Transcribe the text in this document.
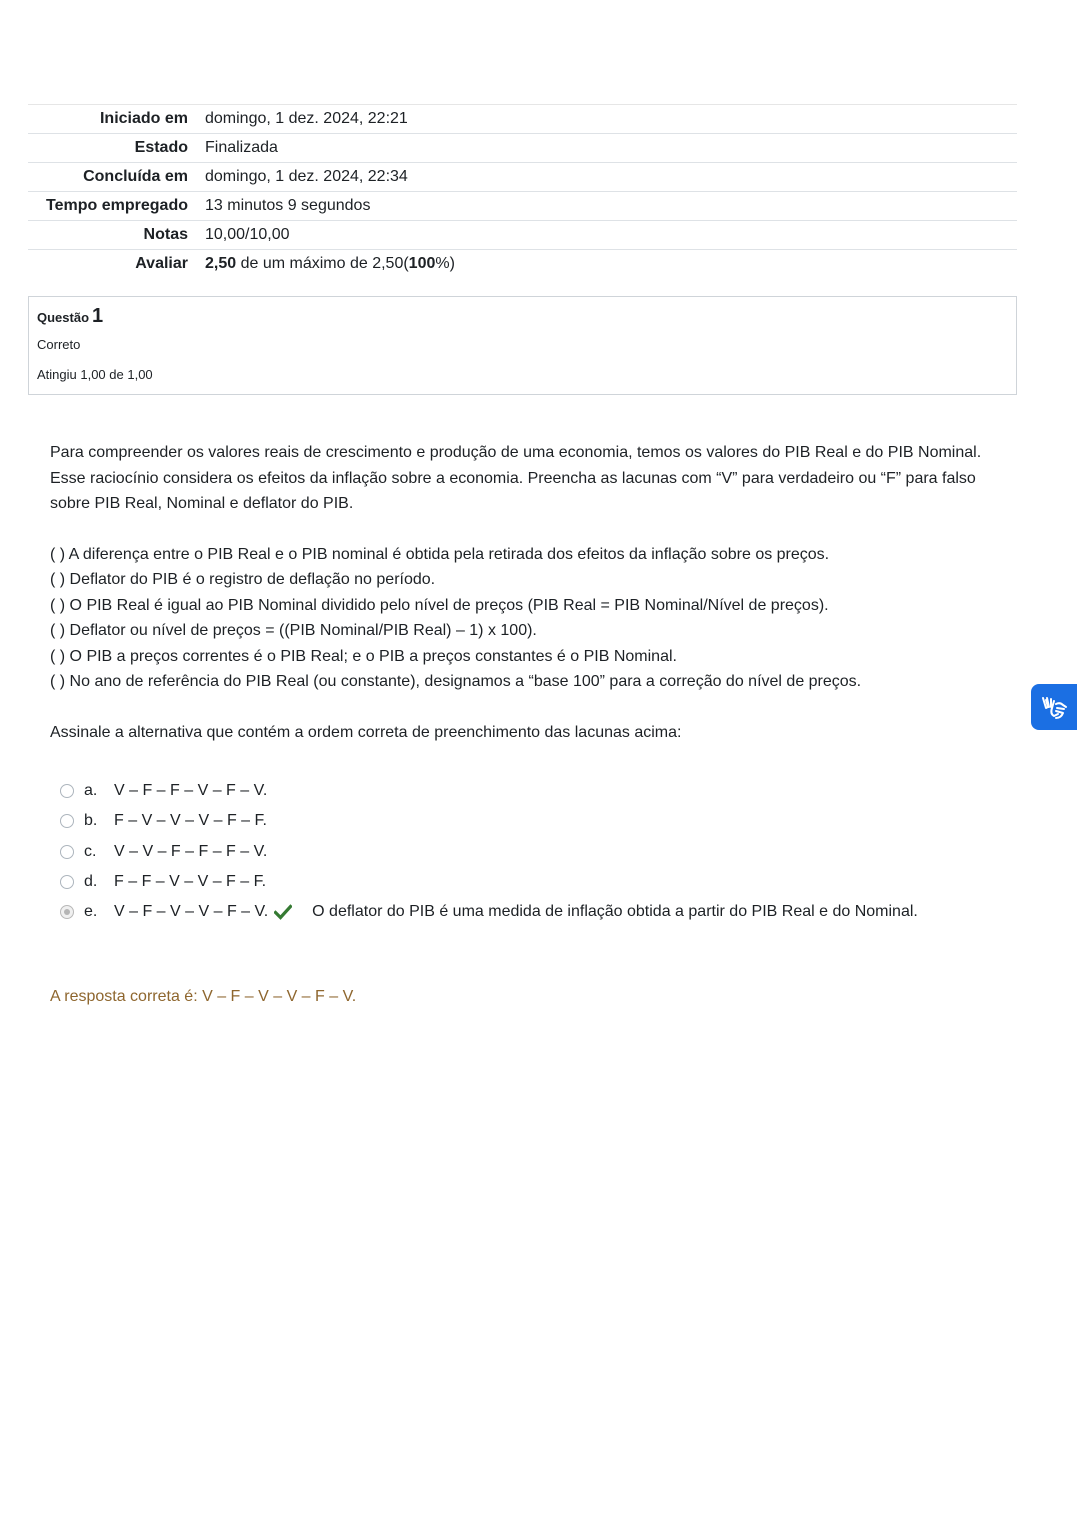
Iniciado em	domingo, 1 dez. 2024, 22:21
Estado	Finalizada
Concluída em	domingo, 1 dez. 2024, 22:34
Tempo empregado	13 minutos 9 segundos
Notas	10,00/10,00
Avaliar	2,50 de um máximo de 2,50(100%)
Questão 1
Correto
Atingiu 1,00 de 1,00

Para compreender os valores reais de crescimento e produção de uma economia, temos os valores do PIB Real e do PIB Nominal. Esse raciocínio considera os efeitos da inflação sobre a economia. Preencha as lacunas com “V” para verdadeiro ou “F” para falso sobre PIB Real, Nominal e deflator do PIB.

( ) A diferença entre o PIB Real e o PIB nominal é obtida pela retirada dos efeitos da inflação sobre os preços.

( ) Deflator do PIB é o registro de deflação no período.

( ) O PIB Real é igual ao PIB Nominal dividido pelo nível de preços (PIB Real = PIB Nominal/Nível de preços).

( ) Deflator ou nível de preços = ((PIB Nominal/PIB Real) – 1) x 100).

( ) O PIB a preços correntes é o PIB Real; e o PIB a preços constantes é o PIB Nominal.

( ) No ano de referência do PIB Real (ou constante), designamos a “base 100” para a correção do nível de preços.

Assinale a alternativa que contém a ordem correta de preenchimento das lacunas acima:

a.	V – F – F – V – F – V.
b.	F – V – V – V – F – F.
c.	V – V – F – F – F – V.
d.	F – F – V – V – F – F.
e.	V – F – V – V – F – V.	O deflator do PIB é uma medida de inflação obtida a partir do PIB Real e do Nominal.
A resposta correta é: V – F – V – V – F – V.
